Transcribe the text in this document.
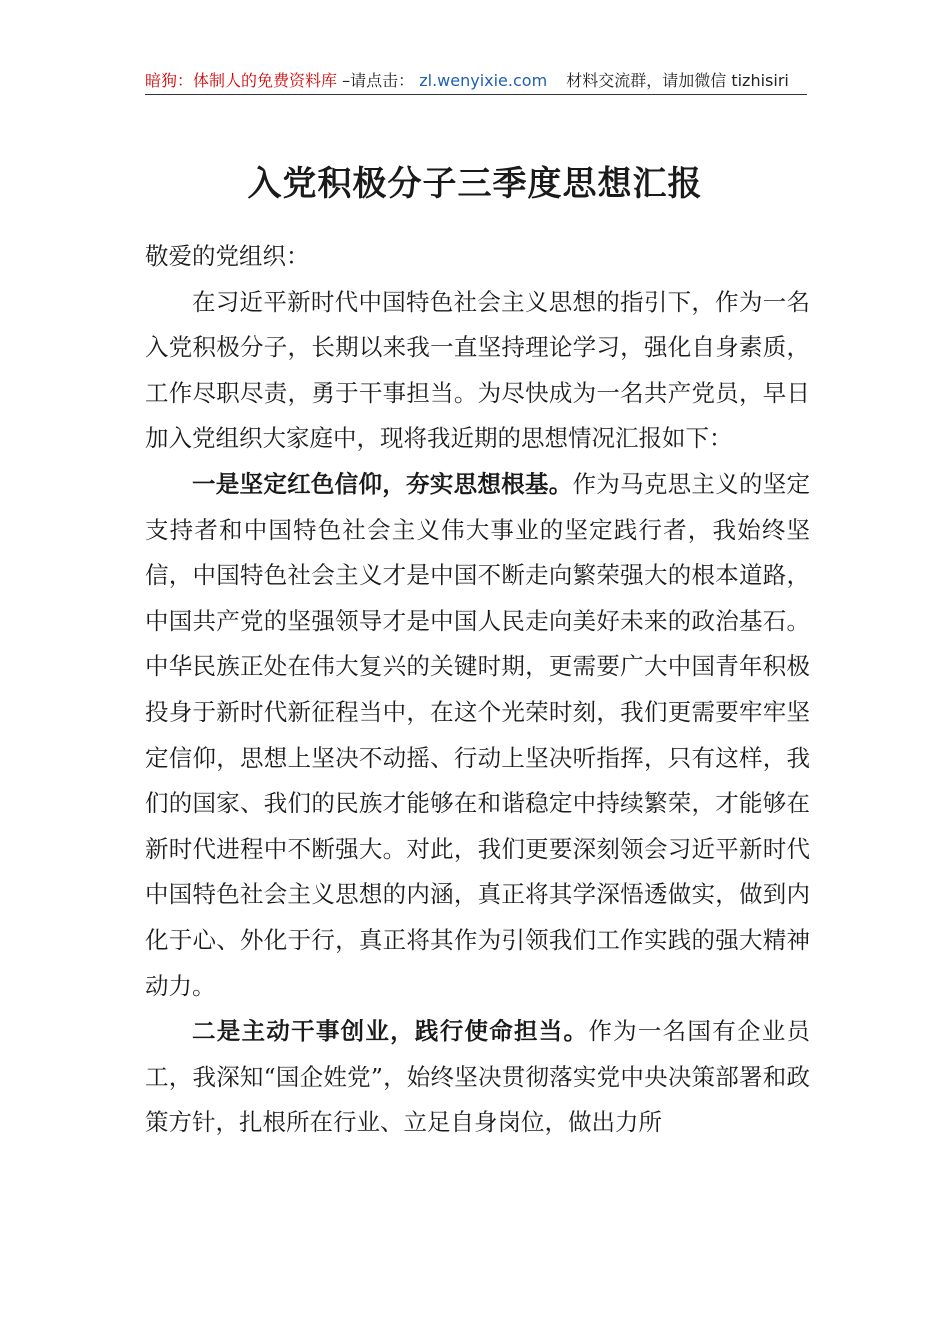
暗狗：体制人的免费资料库 –请点击： zl.wenyixie.com 材料交流群，请加微信 tizhisiri
入党积极分子三季度思想汇报

敬爱的党组织：

在习近平新时代中国特色社会主义思想的指引下，作为一名入党积极分子，长期以来我一直坚持理论学习，强化自身素质，工作尽职尽责，勇于干事担当。为尽快成为一名共产党员，早日加入党组织大家庭中，现将我近期的思想情况汇报如下：

一是坚定红色信仰，夯实思想根基。作为马克思主义的坚定支持者和中国特色社会主义伟大事业的坚定践行者，我始终坚信，中国特色社会主义才是中国不断走向繁荣强大的根本道路，中国共产党的坚强领导才是中国人民走向美好未来的政治基石。中华民族正处在伟大复兴的关键时期，更需要广大中国青年积极投身于新时代新征程当中，在这个光荣时刻，我们更需要牢牢坚定信仰，思想上坚决不动摇、行动上坚决听指挥，只有这样，我们的国家、我们的民族才能够在和谐稳定中持续繁荣，才能够在新时代进程中不断强大。对此，我们更要深刻领会习近平新时代中国特色社会主义思想的内涵，真正将其学深悟透做实，做到内化于心、外化于行，真正将其作为引领我们工作实践的强大精神动力。

二是主动干事创业，践行使命担当。作为一名国有企业员工，我深知“国企姓党”，始终坚决贯彻落实党中央决策部署和政策方针，扎根所在行业、立足自身岗位，做出力所
